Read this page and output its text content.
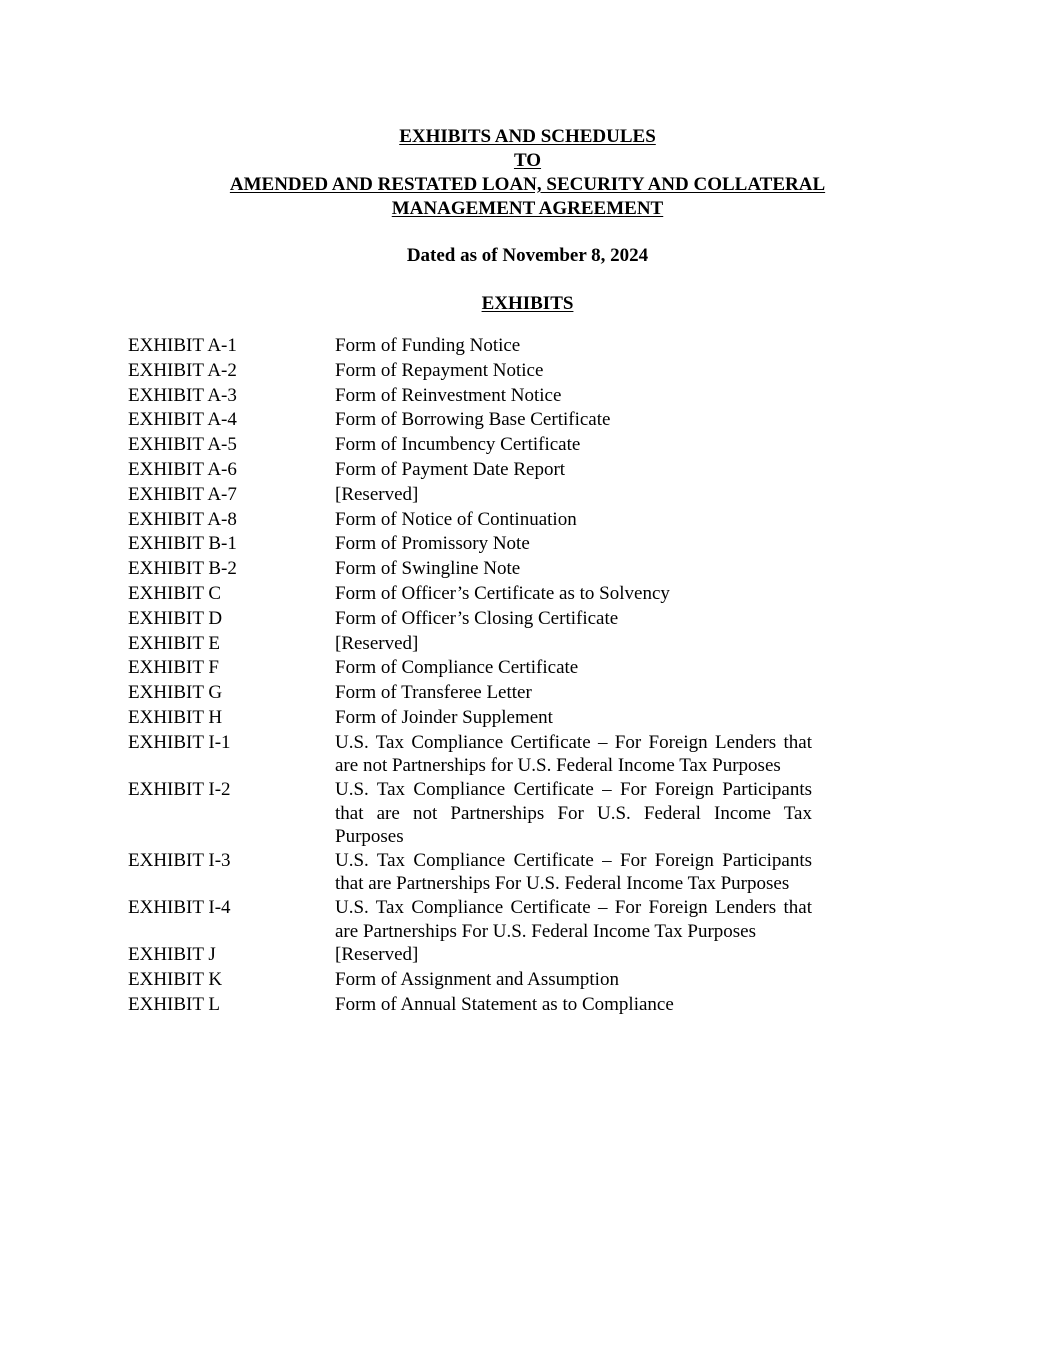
EXHIBITS AND SCHEDULES
TO
AMENDED AND RESTATED LOAN, SECURITY AND COLLATERAL
MANAGEMENT AGREEMENT
Dated as of November 8, 2024
EXHIBITS
EXHIBIT A-1	Form of Funding Notice
EXHIBIT A-2	Form of Repayment Notice
EXHIBIT A-3	Form of Reinvestment Notice
EXHIBIT A-4	Form of Borrowing Base Certificate
EXHIBIT A-5	Form of Incumbency Certificate
EXHIBIT A-6	Form of Payment Date Report
EXHIBIT A-7	[Reserved]
EXHIBIT A-8	Form of Notice of Continuation
EXHIBIT B-1	Form of Promissory Note
EXHIBIT B-2	Form of Swingline Note
EXHIBIT C	Form of Officer’s Certificate as to Solvency
EXHIBIT D	Form of Officer’s Closing Certificate
EXHIBIT E	[Reserved]
EXHIBIT F	Form of Compliance Certificate
EXHIBIT G	Form of Transferee Letter
EXHIBIT H	Form of Joinder Supplement
EXHIBIT I-1	U.S. Tax Compliance Certificate – For Foreign Lenders that are not Partnerships for U.S. Federal Income Tax Purposes
EXHIBIT I-2	U.S. Tax Compliance Certificate – For Foreign Participants that are not Partnerships For U.S. Federal Income Tax Purposes
EXHIBIT I-3	U.S. Tax Compliance Certificate – For Foreign Participants that are Partnerships For U.S. Federal Income Tax Purposes
EXHIBIT I-4	U.S. Tax Compliance Certificate – For Foreign Lenders that are Partnerships For U.S. Federal Income Tax Purposes
EXHIBIT J	[Reserved]
EXHIBIT K	Form of Assignment and Assumption
EXHIBIT L	Form of Annual Statement as to Compliance
